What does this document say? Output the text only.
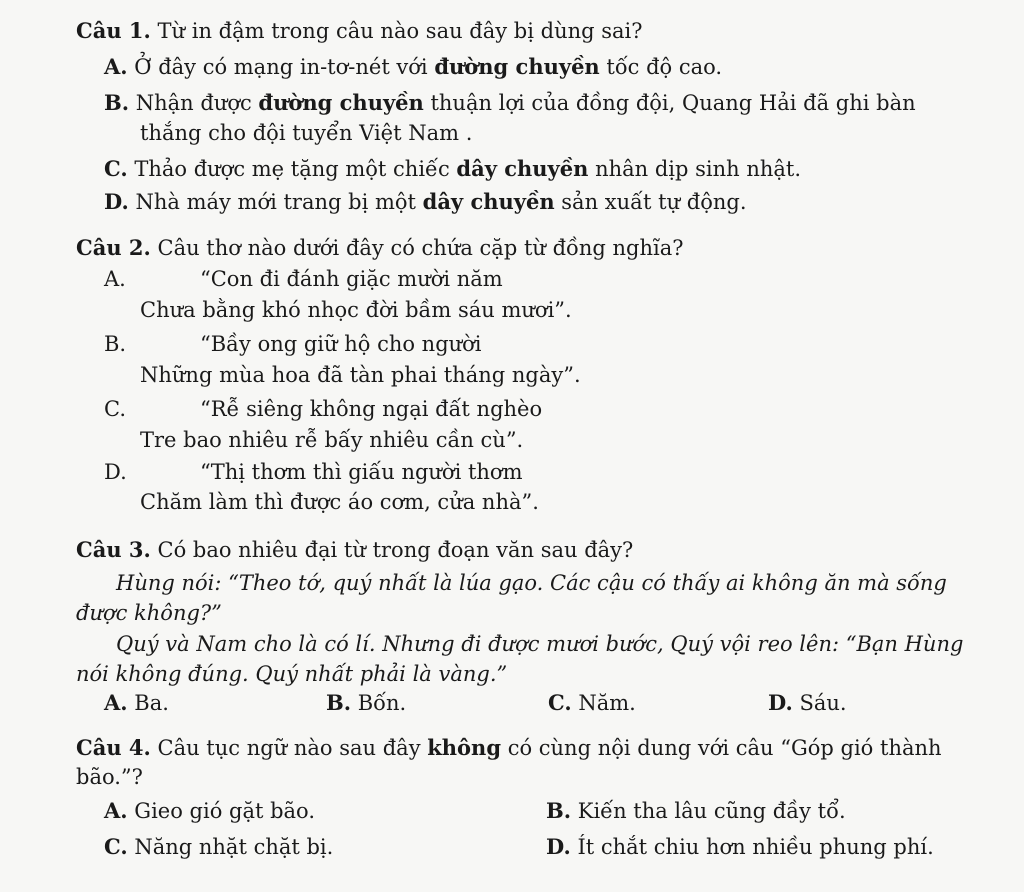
Câu 1. Từ in đậm trong câu nào sau đây bị dùng sai?
A. Ở đây có mạng in-tơ-nét với đường chuyền tốc độ cao.
B. Nhận được đường chuyền thuận lợi của đồng đội, Quang Hải đã ghi bàn
thắng cho đội tuyển Việt Nam .
C. Thảo được mẹ tặng một chiếc dây chuyền nhân dịp sinh nhật.
D. Nhà máy mới trang bị một dây chuyền sản xuất tự động.
Câu 2. Câu thơ nào dưới đây có chứa cặp từ đồng nghĩa?
A.	“Con đi đánh giặc mười năm
Chưa bằng khó nhọc đời bầm sáu mươi”.
B.	“Bầy ong giữ hộ cho người
Những mùa hoa đã tàn phai tháng ngày”.
C.	“Rễ siêng không ngại đất nghèo
Tre bao nhiêu rễ bấy nhiêu cần cù”.
D.	“Thị thơm thì giấu người thơm
Chăm làm thì được áo cơm, cửa nhà”.
Câu 3. Có bao nhiêu đại từ trong đoạn văn sau đây?
Hùng nói: “Theo tớ, quý nhất là lúa gạo. Các cậu có thấy ai không ăn mà sống
được không?”
Quý và Nam cho là có lí. Nhưng đi được mươi bước, Quý vội reo lên: “Bạn Hùng
nói không đúng. Quý nhất phải là vàng.”
A. Ba.	B. Bốn.	C. Năm.	D. Sáu.
Câu 4. Câu tục ngữ nào sau đây không có cùng nội dung với câu “Góp gió thành
bão.”?
A. Gieo gió gặt bão.	B. Kiến tha lâu cũng đầy tổ.
C. Năng nhặt chặt bị.	D. Ít chắt chiu hơn nhiều phung phí.
